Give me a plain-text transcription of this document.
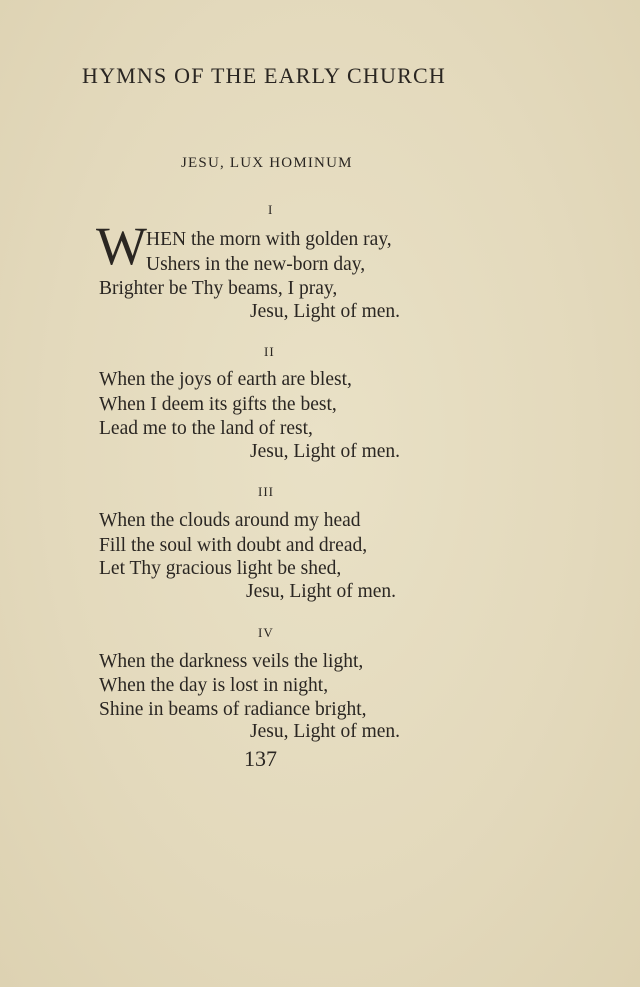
HYMNS OF THE EARLY CHURCH
JESU, LUX HOMINUM
I
W HEN the morn with golden ray,
Ushers in the new-born day,
Brighter be Thy beams, I pray,
Jesu, Light of men.
II
When the joys of earth are blest,
When I deem its gifts the best,
Lead me to the land of rest,
Jesu, Light of men.
III
When the clouds around my head
Fill the soul with doubt and dread,
Let Thy gracious light be shed,
Jesu, Light of men.
IV
When the darkness veils the light,
When the day is lost in night,
Shine in beams of radiance bright,
Jesu, Light of men.
137
